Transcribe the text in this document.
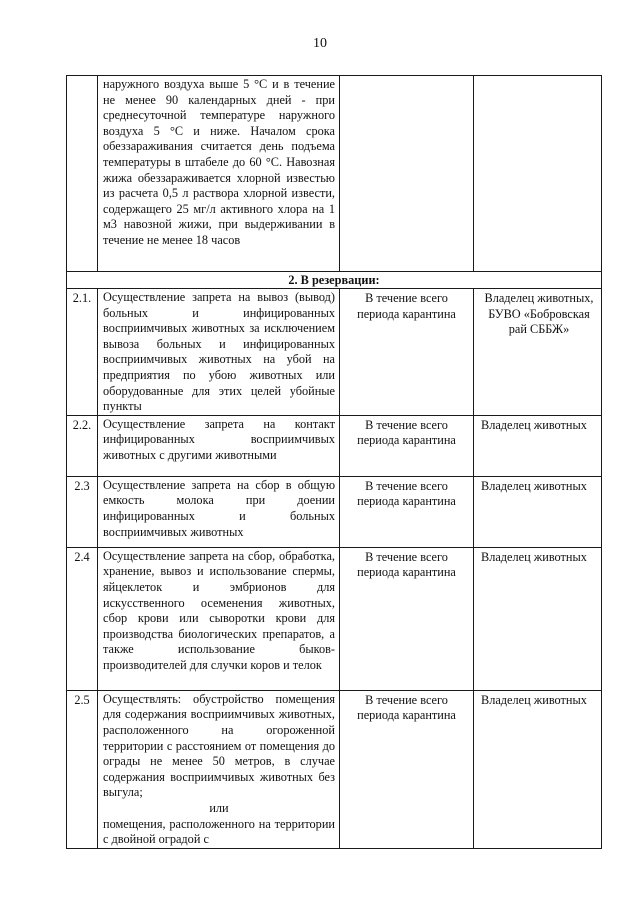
10

	наружного воздуха выше 5 °С и в течение не менее 90 календарных дней - при среднесуточной температуре наружного воздуха 5 °С и ниже. Началом срока обеззараживания считается день подъема температуры в штабеле до 60 °С. Навозная жижа обеззараживается хлорной известью из расчета 0,5 л раствора хлорной извести, содержащего 25 мг/л активного хлора на 1 м3 навозной жижи, при выдерживании в течение не менее 18 часов		

2. В резервации:			
2.1.	Осуществление запрета на вывоз (вывод) больных и инфицированных восприимчивых животных за исключением вывоза больных и инфицированных восприимчивых животных на убой на предприятия по убою животных или оборудованные для этих целей убойные пункты	В течение всего периода карантина	Владелец животных, БУВО «Бобровская рай СББЖ»
2.2.	Осуществление запрета на контакт инфицированных восприимчивых животных с другими животными	В течение всего периода карантина	Владелец животных
2.3	Осуществление запрета на сбор в общую емкость молока при доении инфицированных и больных восприимчивых животных	В течение всего периода карантина	Владелец животных
2.4	Осуществление запрета на сбор, обработка, хранение, вывоз и использование спермы, яйцеклеток и эмбрионов для искусственного осеменения животных, сбор крови или сыворотки крови для производства биологических препаратов, а также использование быков-производителей для случки коров и телок	В течение всего периода карантина	Владелец животных
2.5	Осуществлять: обустройство помещения для содержания восприимчивых животных, расположенного на огороженной территории с расстоянием от помещения до ограды не менее 50 метров, в случае содержания восприимчивых животных без выгула;

или

помещения, расположенного на территории с двойной оградой с	В течение всего периода карантина	Владелец животных
